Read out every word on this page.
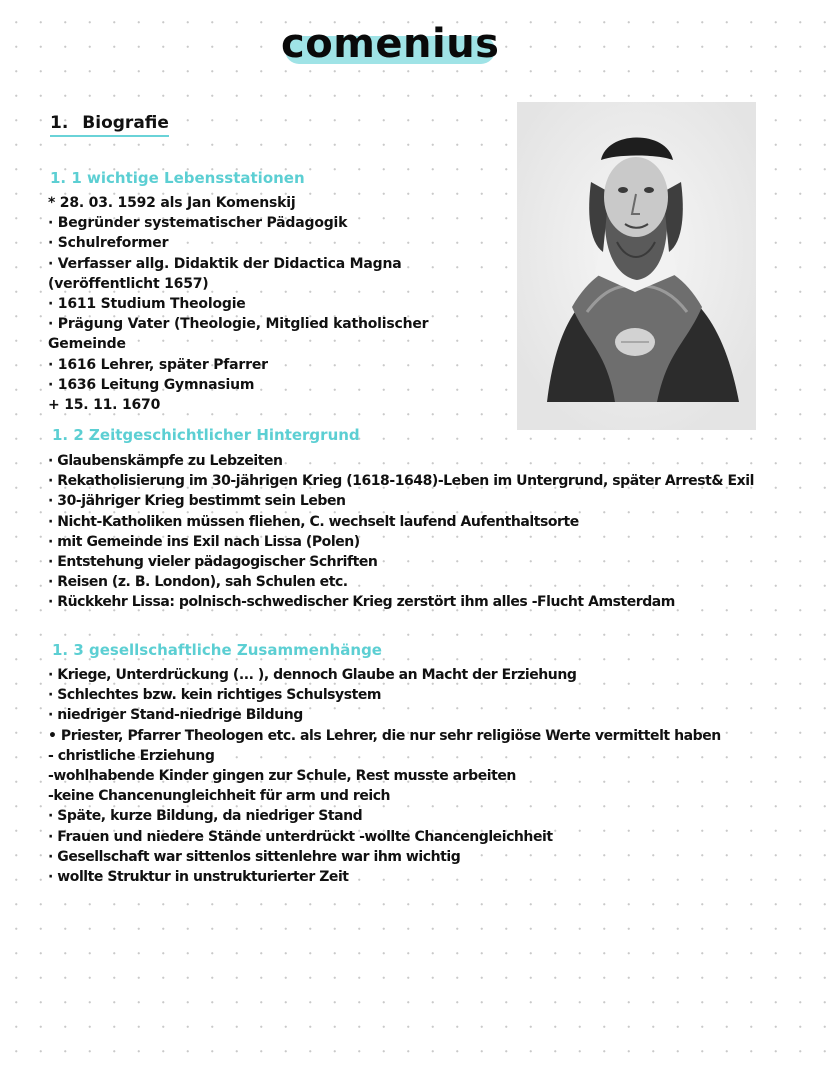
comenius
1. Biografie
1. 1 wichtige Lebensstationen
* 28. 03. 1592 als Jan Komenskij
· Begründer systematischer Pädagogik
· Schulreformer
· Verfasser allg. Didaktik der Didactica Magna
(veröffentlicht 1657)
· 1611 Studium Theologie
· Prägung Vater (Theologie, Mitglied katholischer
Gemeinde
· 1616 Lehrer, später Pfarrer
· 1636 Leitung Gymnasium
+ 15. 11. 1670
1. 2 Zeitgeschichtlicher Hintergrund
· Glaubenskämpfe zu Lebzeiten
· Rekatholisierung im 30-jährigen Krieg (1618-1648)-Leben im Untergrund, später Arrest& Exil
· 30-jähriger Krieg bestimmt sein Leben
· Nicht-Katholiken müssen fliehen, C. wechselt laufend Aufenthaltsorte
· mit Gemeinde ins Exil nach Lissa (Polen)
· Entstehung vieler pädagogischer Schriften
· Reisen (z. B. London), sah Schulen etc.
· Rückkehr Lissa: polnisch-schwedischer Krieg zerstört ihm alles -Flucht Amsterdam
1. 3 gesellschaftliche Zusammenhänge
· Kriege, Unterdrückung (... ), dennoch Glaube an Macht der Erziehung
· Schlechtes bzw. kein richtiges Schulsystem
· niedriger Stand-niedrige Bildung
• Priester, Pfarrer Theologen etc. als Lehrer, die nur sehr religiöse Werte vermittelt haben
- christliche Erziehung
-wohlhabende Kinder gingen zur Schule, Rest musste arbeiten
-keine Chancenungleichheit für arm und reich
· Späte, kurze Bildung, da niedriger Stand
· Frauen und niedere Stände unterdrückt -wollte Chancengleichheit
· Gesellschaft war sittenlos sittenlehre war ihm wichtig
· wollte Struktur in unstrukturierter Zeit
